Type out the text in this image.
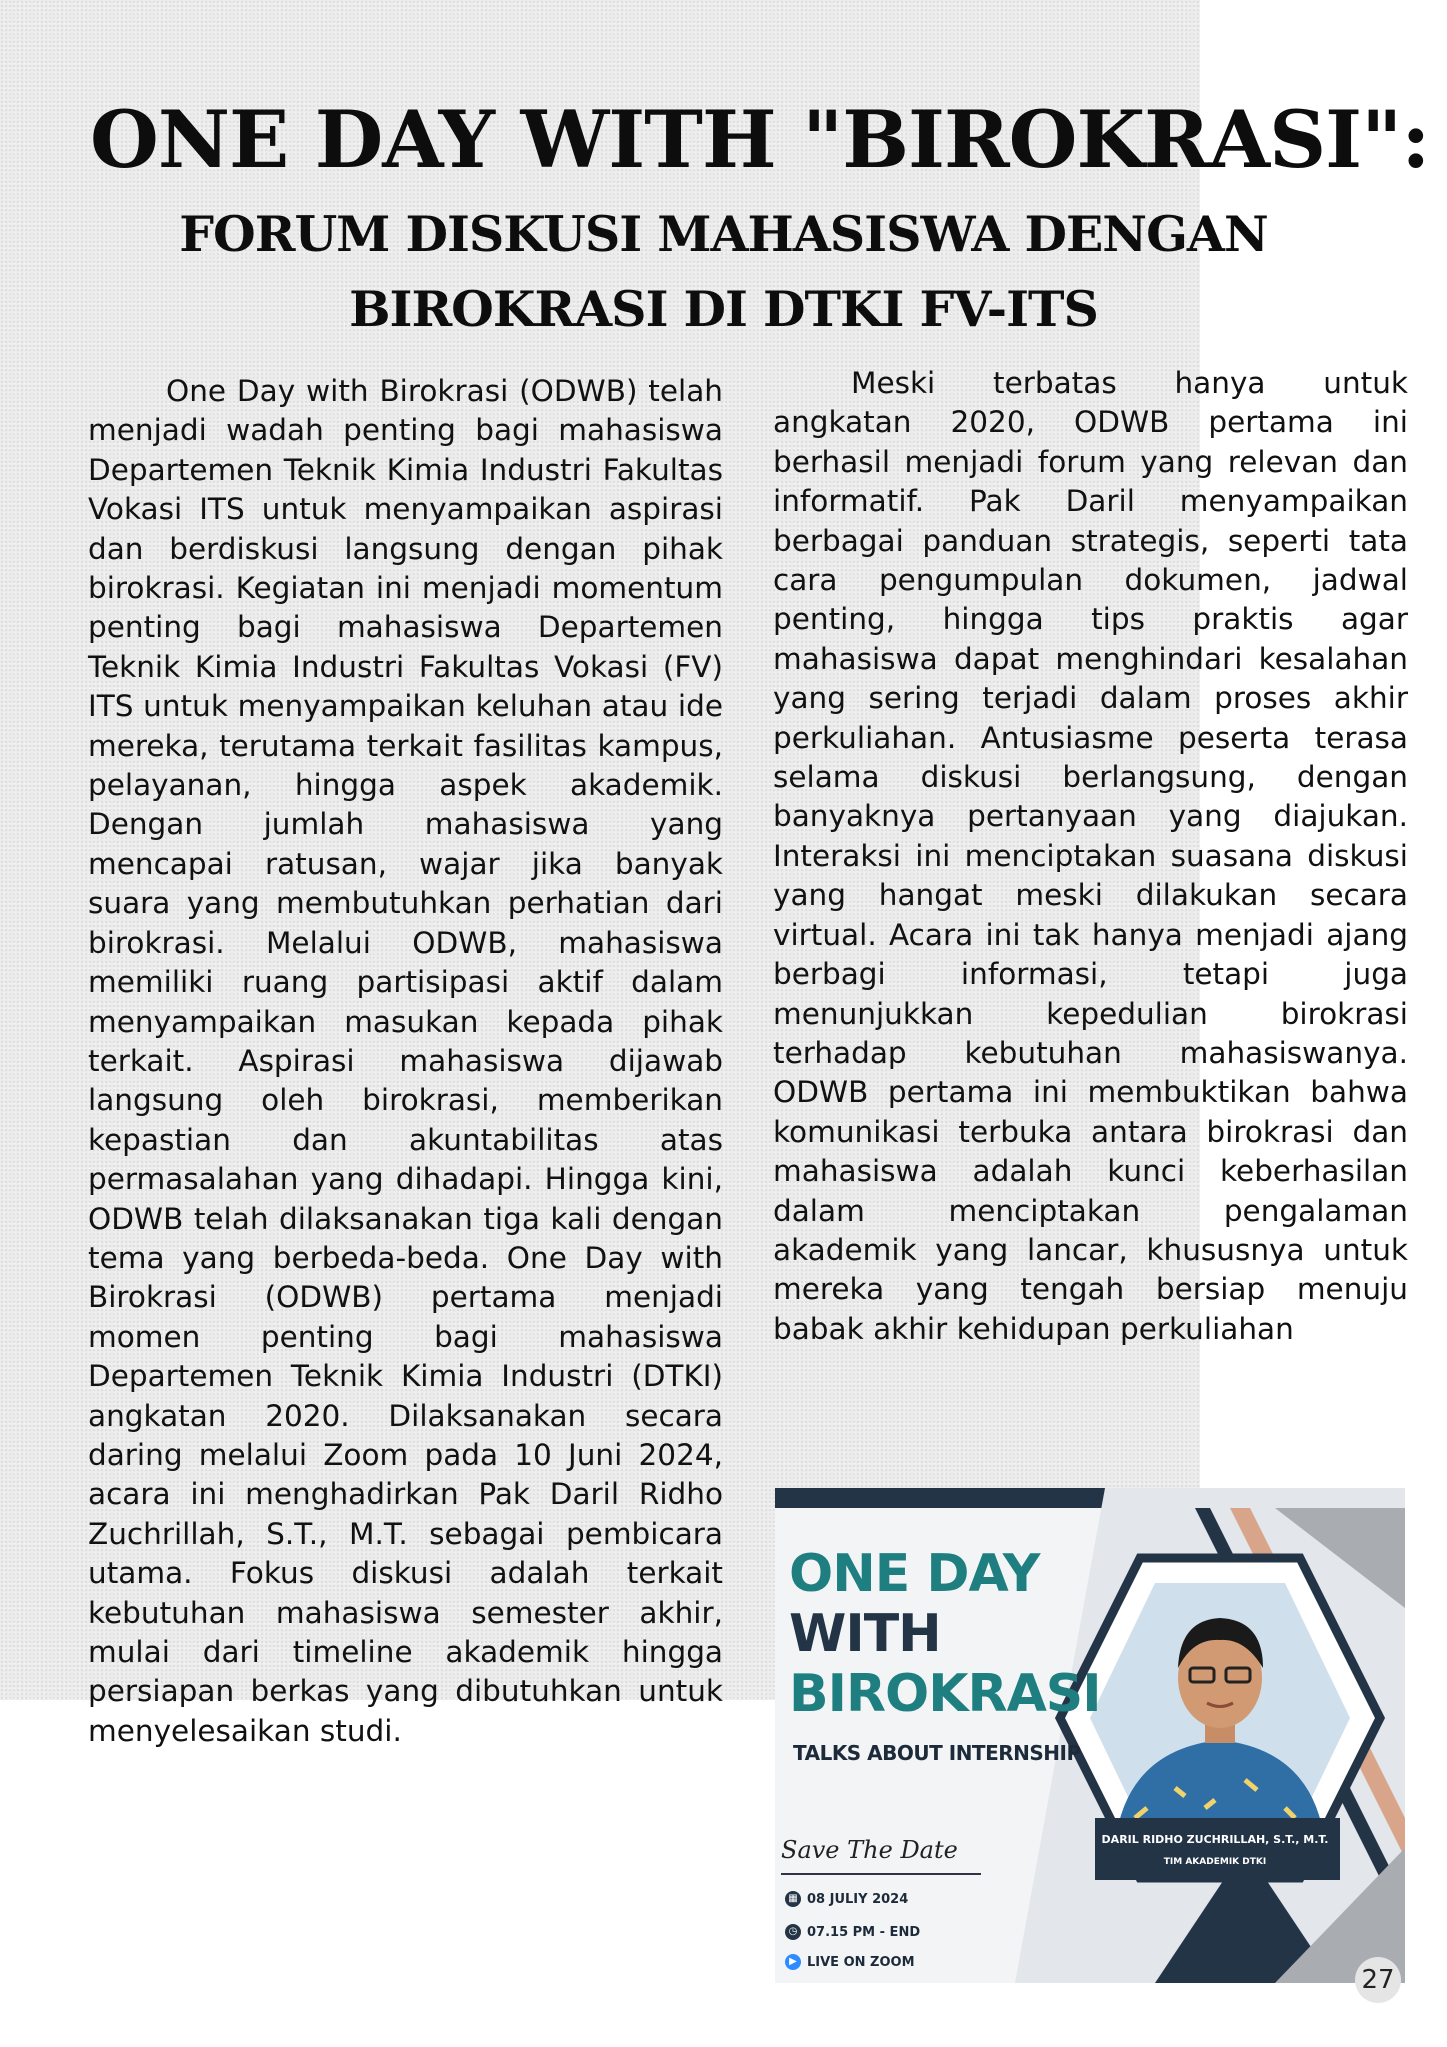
ONE DAY WITH "BIROKRASI":
FORUM DISKUSI MAHASISWA DENGAN
BIROKRASI DI DTKI FV-ITS

One Day with Birokrasi (ODWB) telah menjadi wadah penting bagi mahasiswa Departemen Teknik Kimia Industri Fakultas Vokasi ITS untuk menyampaikan aspirasi dan berdiskusi langsung dengan pihak birokrasi. Kegiatan ini menjadi momentum penting bagi mahasiswa Departemen Teknik Kimia Industri Fakultas Vokasi (FV) ITS untuk menyampaikan keluhan atau ide mereka, terutama terkait fasilitas kampus, pelayanan, hingga aspek akademik. Dengan jumlah mahasiswa yang mencapai ratusan, wajar jika banyak suara yang membutuhkan perhatian dari birokrasi. Melalui ODWB, mahasiswa memiliki ruang partisipasi aktif dalam menyampaikan masukan kepada pihak terkait. Aspirasi mahasiswa dijawab langsung oleh birokrasi, memberikan kepastian dan akuntabilitas atas permasalahan yang dihadapi. Hingga kini, ODWB telah dilaksanakan tiga kali dengan tema yang berbeda-beda. One Day with Birokrasi (ODWB) pertama menjadi momen penting bagi mahasiswa Departemen Teknik Kimia Industri (DTKI) angkatan 2020. Dilaksanakan secara daring melalui Zoom pada 10 Juni 2024, acara ini menghadirkan Pak Daril Ridho Zuchrillah, S.T., M.T. sebagai pembicara utama. Fokus diskusi adalah terkait kebutuhan mahasiswa semester akhir, mulai dari timeline akademik hingga persiapan berkas yang dibutuhkan untuk menyelesaikan studi.

Meski terbatas hanya untuk angkatan 2020, ODWB pertama ini berhasil menjadi forum yang relevan dan informatif. Pak Daril menyampaikan berbagai panduan strategis, seperti tata cara pengumpulan dokumen, jadwal penting, hingga tips praktis agar mahasiswa dapat menghindari kesalahan yang sering terjadi dalam proses akhir perkuliahan. Antusiasme peserta terasa selama diskusi berlangsung, dengan banyaknya pertanyaan yang diajukan. Interaksi ini menciptakan suasana diskusi yang hangat meski dilakukan secara virtual. Acara ini tak hanya menjadi ajang berbagi informasi, tetapi juga menunjukkan kepedulian birokrasi terhadap kebutuhan mahasiswanya. ODWB pertama ini membuktikan bahwa komunikasi terbuka antara birokrasi dan mahasiswa adalah kunci keberhasilan dalam menciptakan pengalaman akademik yang lancar, khususnya untuk mereka yang tengah bersiap menuju babak akhir kehidupan perkuliahan

ONE DAY
WITH
BIROKRASI
TALKS ABOUT INTERNSHIP
Save The Date
▦ 08 JULIY 2024
◷ 07.15 PM - END
▶ LIVE ON ZOOM
DARIL RIDHO ZUCHRILLAH, S.T., M.T.
TIM AKADEMIK DTKI
27
